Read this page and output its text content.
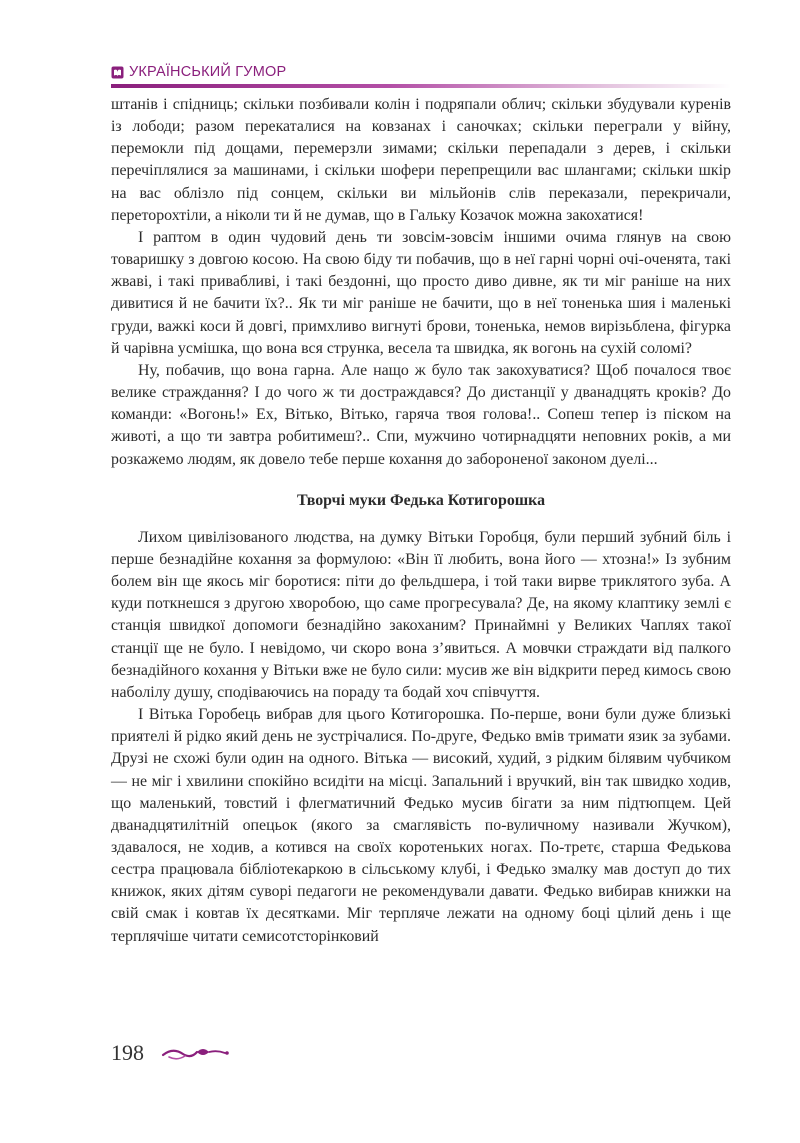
УКРАЇНСЬКИЙ ГУМОР

штанів і спідниць; скільки позбивали колін і подряпали облич; скільки збудували куренів із лободи; разом перекаталися на ковзанах і саночках; скільки переграли у війну, перемокли під дощами, перемерзли зимами; скільки перепадали з дерев, і скільки перечіплялися за машинами, і скільки шофери перепрещили вас шлангами; скільки шкір на вас облізло під сонцем, скільки ви мільйонів слів переказали, перекричали, переторохтіли, а ніколи ти й не думав, що в Гальку Козачок можна закохатися!

І раптом в один чудовий день ти зовсім-зовсім іншими очима глянув на свою товаришку з довгою косою. На свою біду ти побачив, що в неї гарні чорні очі-оченята, такі жваві, і такі привабливі, і такі бездонні, що просто диво дивне, як ти міг раніше на них дивитися й не бачити їх?.. Як ти міг раніше не бачити, що в неї тоненька шия і маленькі груди, важкі коси й довгі, примхливо вигнуті брови, тоненька, немов вирізьблена, фігурка й чарівна усмішка, що вона вся струнка, весела та швидка, як вогонь на сухій соломі?

Ну, побачив, що вона гарна. Але нащо ж було так закохуватися? Щоб почалося твоє велике страждання? І до чого ж ти достраждався? До дистанції у дванадцять кроків? До команди: «Вогонь!» Ех, Вітько, Вітько, гаряча твоя голова!.. Сопеш тепер із піском на животі, а що ти завтра робитимеш?.. Спи, мужчино чотирнадцяти неповних років, а ми розкажемо людям, як довело тебе перше кохання до забороненої законом дуелі...

Творчі муки Федька Котигорошка

Лихом цивілізованого людства, на думку Вітьки Горобця, були перший зубний біль і перше безнадійне кохання за формулою: «Він її любить, вона його — хтозна!» Із зубним болем він ще якось міг боротися: піти до фельдшера, і той таки вирве триклятого зуба. А куди поткнешся з другою хворобою, що саме прогресувала? Де, на якому клаптику землі є станція швидкої допомоги безнадійно закоханим? Принаймні у Великих Чаплях такої станції ще не було. І невідомо, чи скоро вона з’явиться. А мовчки страждати від палкого безнадійного кохання у Вітьки вже не було сили: мусив же він відкрити перед кимось свою наболілу душу, сподіваючись на пораду та бодай хоч співчуття.

І Вітька Горобець вибрав для цього Котигорошка. По-перше, вони були дуже близькі приятелі й рідко який день не зустрічалися. По-друге, Федько вмів тримати язик за зубами. Друзі не схожі були один на одного. Вітька — високий, худий, з рідким білявим чубчиком — не міг і хвилини спокійно всидіти на місці. Запальний і вручкий, він так швидко ходив, що маленький, товстий і флегматичний Федько мусив бігати за ним підтюпцем. Цей дванадцятилітній опецьок (якого за смаглявість по-вуличному називали Жучком), здавалося, не ходив, а котився на своїх коротеньких ногах. По-третє, старша Федькова сестра працювала бібліотекаркою в сільському клубі, і Федько змалку мав доступ до тих книжок, яких дітям суворі педагоги не рекомендували давати. Федько вибирав книжки на свій смак і ковтав їх десятками. Міг терпляче лежати на одному боці цілий день і ще терплячіше читати семисотсторінковий

198
